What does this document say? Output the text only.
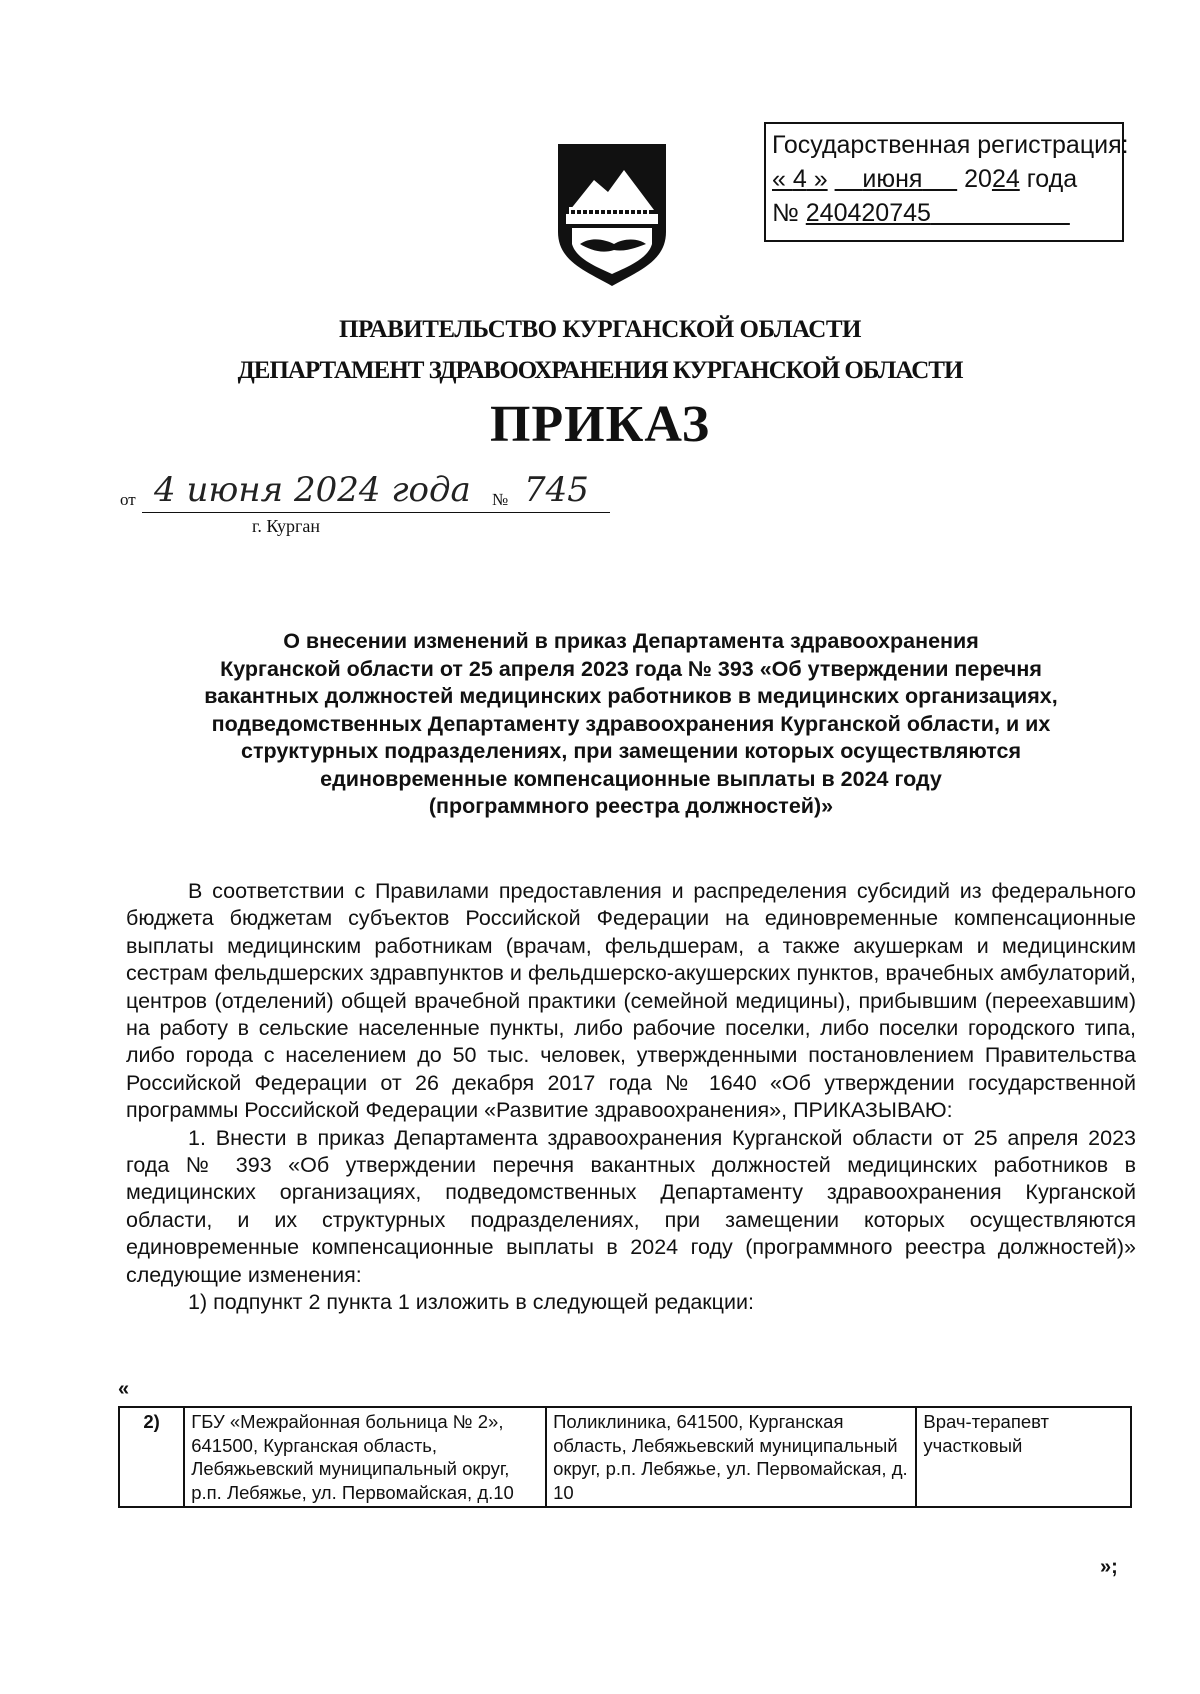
Государственная регистрация:
« 4 » июня 2024 года
№ 240420745
ПРАВИТЕЛЬСТВО КУРГАНСКОЙ ОБЛАСТИ
ДЕПАРТАМЕНТ ЗДРАВООХРАНЕНИЯ КУРГАНСКОЙ ОБЛАСТИ
ПРИКАЗ
от 4 июня 2024 года № 745
г. Курган
О внесении изменений в приказ Департамента здравоохранения
Курганской области от 25 апреля 2023 года № 393 «Об утверждении перечня
вакантных должностей медицинских работников в медицинских организациях,
подведомственных Департаменту здравоохранения Курганской области, и их
структурных подразделениях, при замещении которых осуществляются
единовременные компенсационные выплаты в 2024 году
(программного реестра должностей)»

В соответствии с Правилами предоставления и распределения субсидий из федерального бюджета бюджетам субъектов Российской Федерации на единовременные компенсационные выплаты медицинским работникам (врачам, фельдшерам, а также акушеркам и медицинским сестрам фельдшерских здравпунктов и фельдшерско-акушерских пунктов, врачебных амбулаторий, центров (отделений) общей врачебной практики (семейной медицины), прибывшим (переехавшим) на работу в сельские населенные пункты, либо рабочие поселки, либо поселки городского типа, либо города с населением до 50 тыс. человек, утвержденными постановлением Правительства Российской Федерации от 26 декабря 2017 года № 1640 «Об утверждении государственной программы Российской Федерации «Развитие здравоохранения», ПРИКАЗЫВАЮ:

1. Внести в приказ Департамента здравоохранения Курганской области от 25 апреля 2023 года № 393 «Об утверждении перечня вакантных должностей медицинских работников в медицинских организациях, подведомственных Департаменту здравоохранения Курганской области, и их структурных подразделениях, при замещении которых осуществляются единовременные компенсационные выплаты в 2024 году (программного реестра должностей)» следующие изменения:

1) подпункт 2 пункта 1 изложить в следующей редакции:

«
2)	ГБУ «Межрайонная больница № 2», 641500, Курганская область, Лебяжьевский муниципальный округ, р.п. Лебяжье, ул. Первомайская, д.10	Поликлиника, 641500, Курганская область, Лебяжьевский муниципальный округ, р.п. Лебяжье, ул. Первомайская, д. 10	Врач-терапевт участковый
»;
